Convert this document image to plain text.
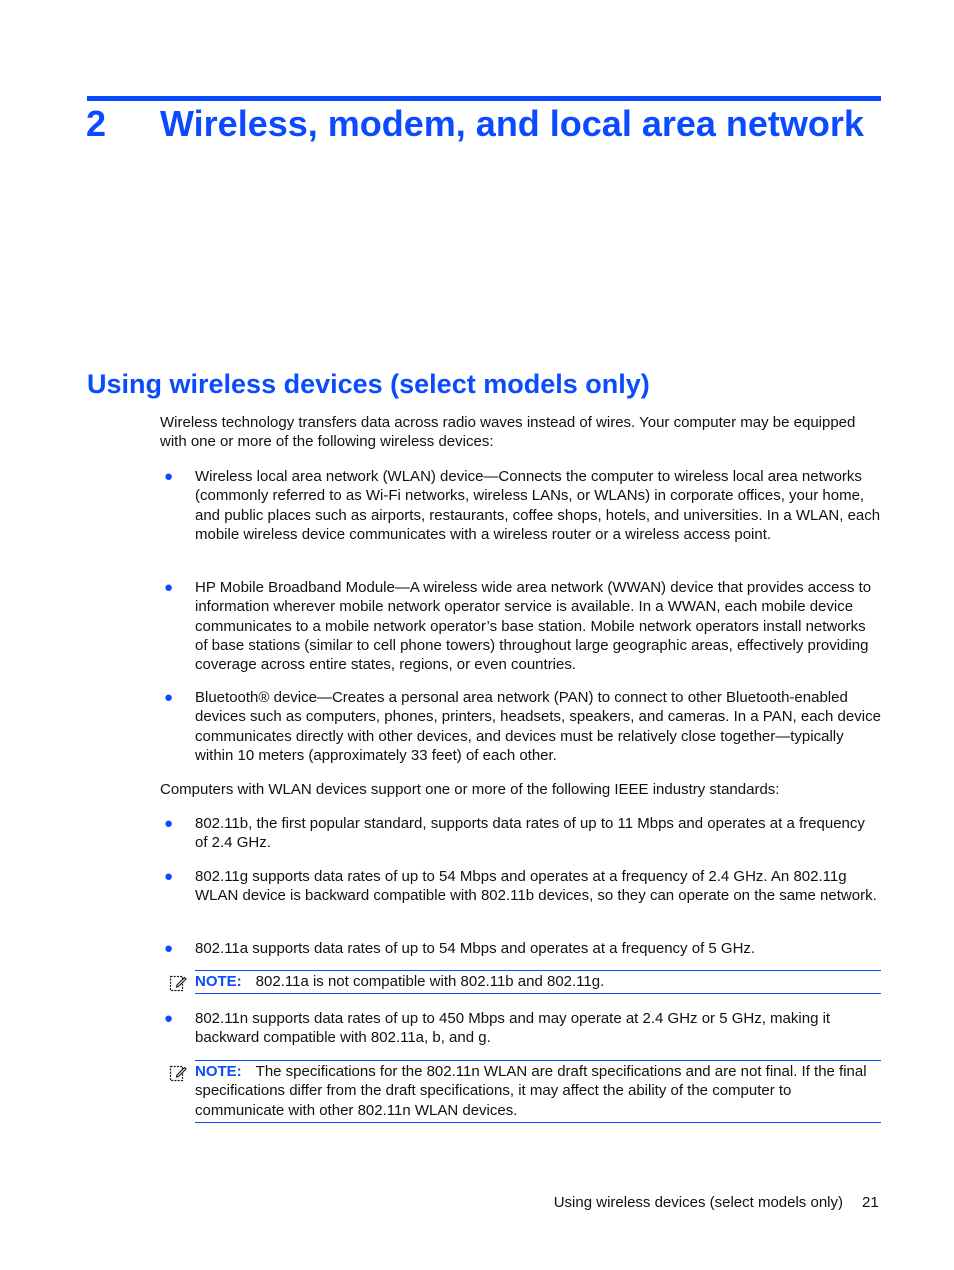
2 Wireless, modem, and local area network
Using wireless devices (select models only)
Wireless technology transfers data across radio waves instead of wires. Your computer may be equipped with one or more of the following wireless devices:
● Wireless local area network (WLAN) device—Connects the computer to wireless local area networks (commonly referred to as Wi-Fi networks, wireless LANs, or WLANs) in corporate offices, your home, and public places such as airports, restaurants, coffee shops, hotels, and universities. In a WLAN, each mobile wireless device communicates with a wireless router or a wireless access point.
● HP Mobile Broadband Module—A wireless wide area network (WWAN) device that provides access to information wherever mobile network operator service is available. In a WWAN, each mobile device communicates to a mobile network operator’s base station. Mobile network operators install networks of base stations (similar to cell phone towers) throughout large geographic areas, effectively providing coverage across entire states, regions, or even countries.
● Bluetooth® device—Creates a personal area network (PAN) to connect to other Bluetooth-enabled devices such as computers, phones, printers, headsets, speakers, and cameras. In a PAN, each device communicates directly with other devices, and devices must be relatively close together—typically within 10 meters (approximately 33 feet) of each other.
Computers with WLAN devices support one or more of the following IEEE industry standards:
● 802.11b, the first popular standard, supports data rates of up to 11 Mbps and operates at a frequency of 2.4 GHz.
● 802.11g supports data rates of up to 54 Mbps and operates at a frequency of 2.4 GHz. An 802.11g WLAN device is backward compatible with 802.11b devices, so they can operate on the same network.
● 802.11a supports data rates of up to 54 Mbps and operates at a frequency of 5 GHz.
NOTE: 802.11a is not compatible with 802.11b and 802.11g.
● 802.11n supports data rates of up to 450 Mbps and may operate at 2.4 GHz or 5 GHz, making it backward compatible with 802.11a, b, and g.
NOTE: The specifications for the 802.11n WLAN are draft specifications and are not final. If the final specifications differ from the draft specifications, it may affect the ability of the computer to communicate with other 802.11n WLAN devices.
Using wireless devices (select models only) 21
